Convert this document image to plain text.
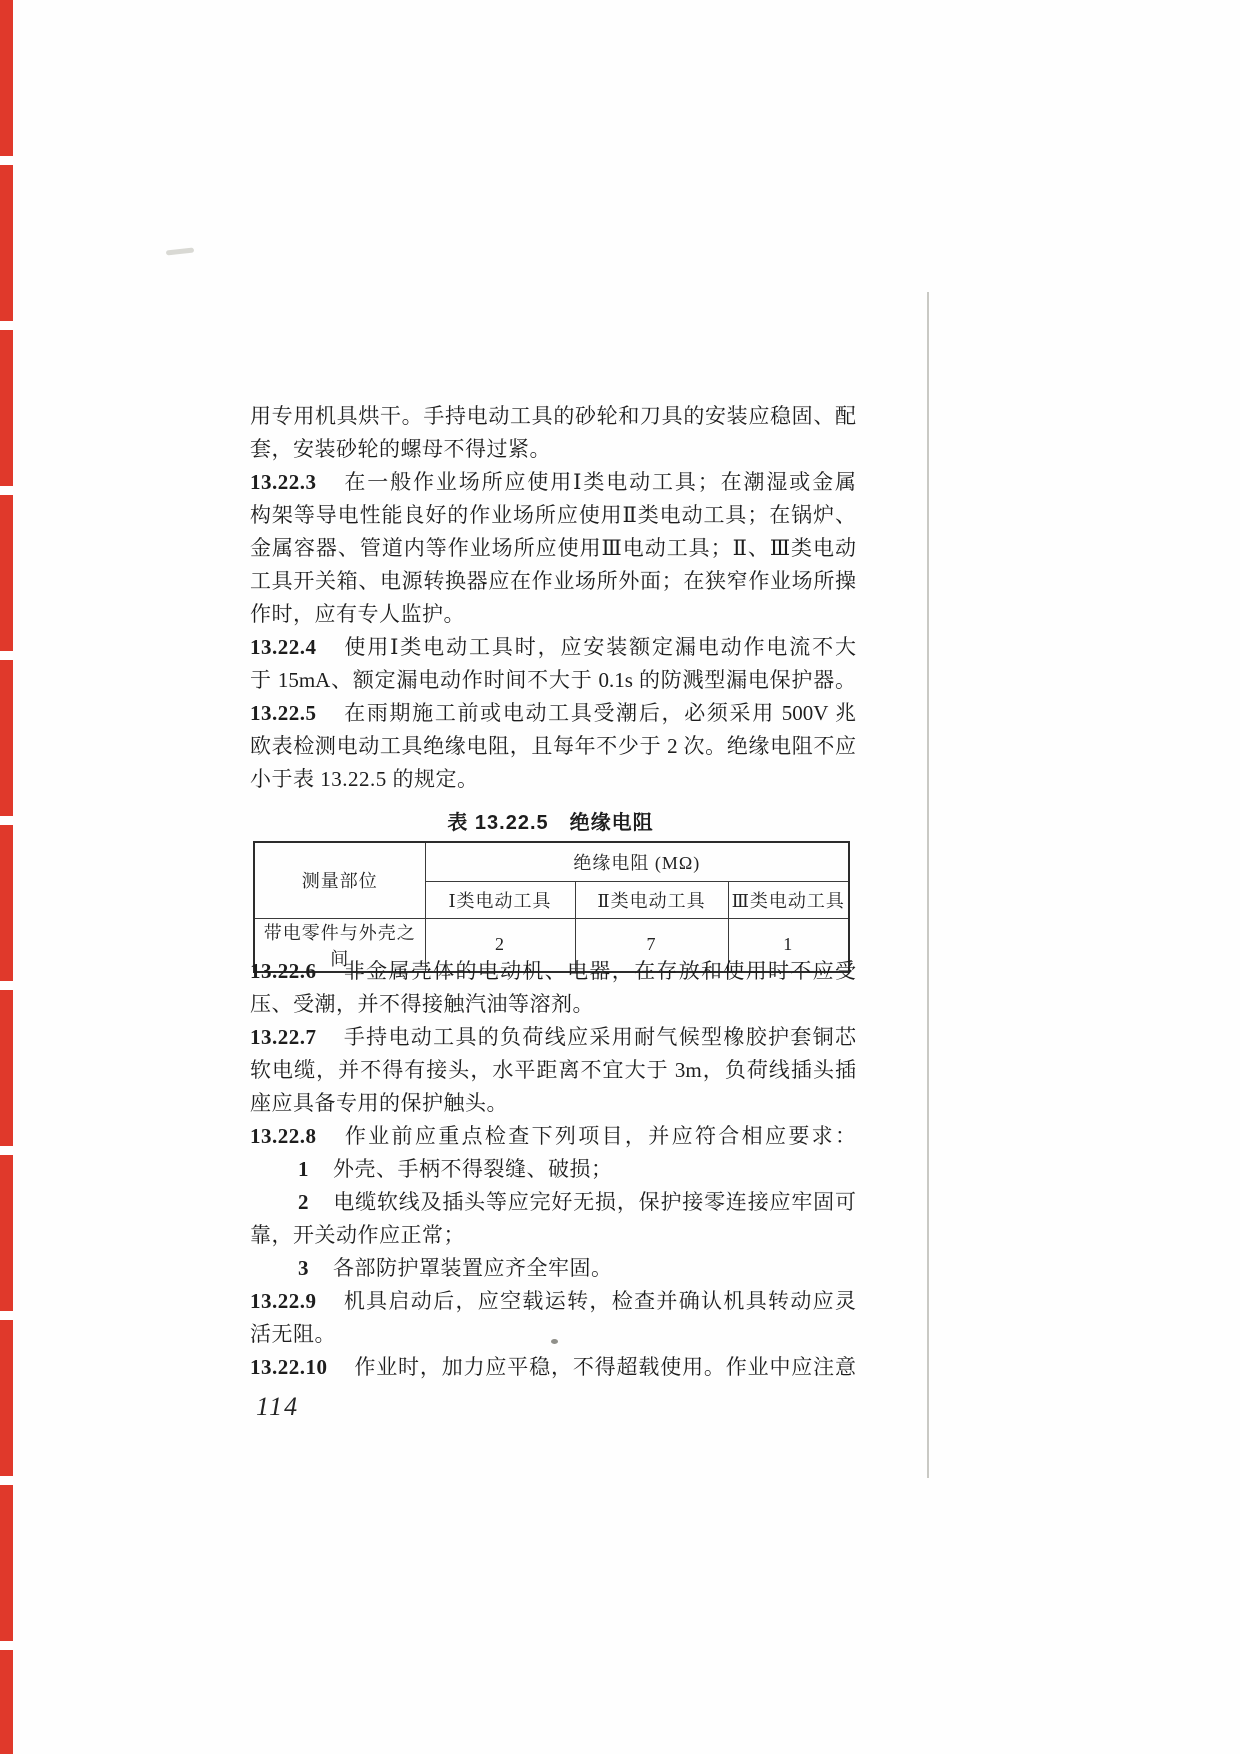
用专用机具烘干。手持电动工具的砂轮和刀具的安装应稳固、配
套，安装砂轮的螺母不得过紧。
13.22.3 在一般作业场所应使用Ⅰ类电动工具；在潮湿或金属
构架等导电性能良好的作业场所应使用Ⅱ类电动工具；在锅炉、
金属容器、管道内等作业场所应使用Ⅲ电动工具；Ⅱ、Ⅲ类电动
工具开关箱、电源转换器应在作业场所外面；在狭窄作业场所操
作时，应有专人监护。
13.22.4 使用Ⅰ类电动工具时，应安装额定漏电动作电流不大
于 15mA、额定漏电动作时间不大于 0.1s 的防溅型漏电保护器。
13.22.5 在雨期施工前或电动工具受潮后，必须采用 500V 兆
欧表检测电动工具绝缘电阻，且每年不少于 2 次。绝缘电阻不应
小于表 13.22.5 的规定。
表 13.22.5　绝缘电阻
测量部位	绝缘电阻 (MΩ)		
	Ⅰ类电动工具	Ⅱ类电动工具	Ⅲ类电动工具
带电零件与外壳之间	2	7	1
13.22.6 非金属壳体的电动机、电器，在存放和使用时不应受
压、受潮，并不得接触汽油等溶剂。
13.22.7 手持电动工具的负荷线应采用耐气候型橡胶护套铜芯
软电缆，并不得有接头，水平距离不宜大于 3m，负荷线插头插
座应具备专用的保护触头。
13.22.8 作业前应重点检查下列项目，并应符合相应要求：
1 外壳、手柄不得裂缝、破损；
2 电缆软线及插头等应完好无损，保护接零连接应牢固可
靠，开关动作应正常；
3 各部防护罩装置应齐全牢固。
13.22.9 机具启动后，应空载运转，检查并确认机具转动应灵
活无阻。
13.22.10 作业时，加力应平稳，不得超载使用。作业中应注意
114
